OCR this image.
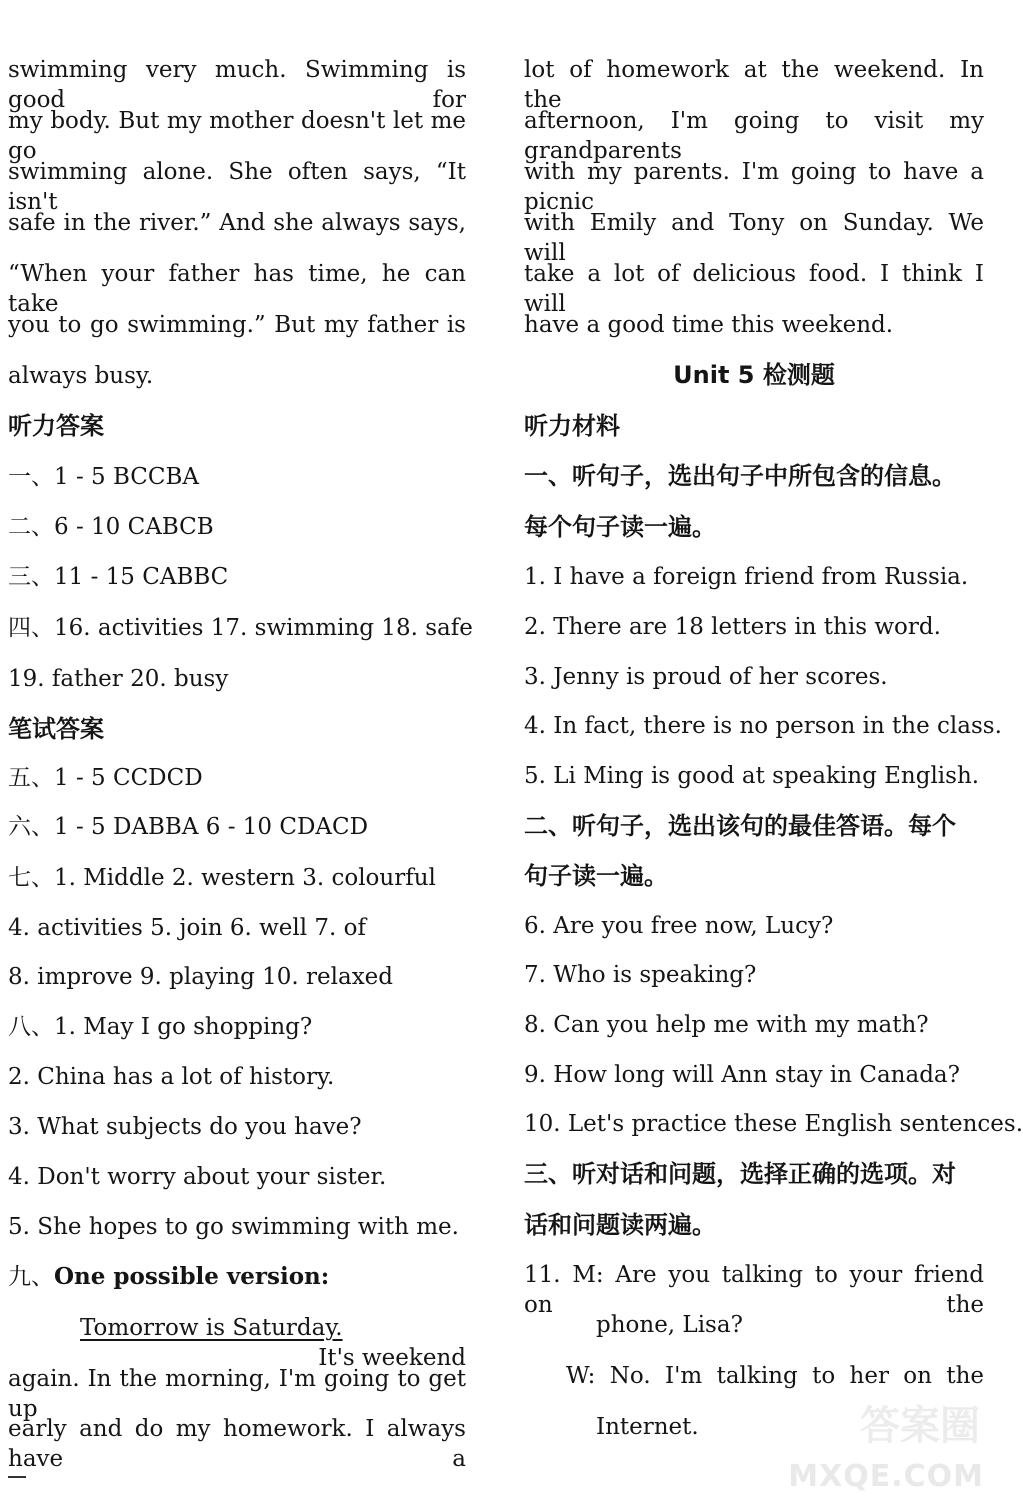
swimming very much. Swimming is good for
my body. But my mother doesn't let me go
swimming alone. She often says, “It isn't
safe in the river.” And she always says,
“When your father has time, he can take
you to go swimming.” But my father is
always busy.
听力答案
一、1 - 5 BCCBA
二、6 - 10 CABCB
三、11 - 15 CABBC
四、16. activities 17. swimming 18. safe
19. father 20. busy
笔试答案
五、1 - 5 CCDCD
六、1 - 5 DABBA 6 - 10 CDACD
七、1. Middle 2. western 3. colourful
4. activities 5. join 6. well 7. of
8. improve 9. playing 10. relaxed
八、1. May I go shopping?
2. China has a lot of history.
3. What subjects do you have?
4. Don't worry about your sister.
5. She hopes to go swimming with me.
九、One possible version:
Tomorrow is Saturday.
It's weekend
again. In the morning, I'm going to get up
early and do my homework. I always have a
lot of homework at the weekend. In the
afternoon, I'm going to visit my grandparents
with my parents. I'm going to have a picnic
with Emily and Tony on Sunday. We will
take a lot of delicious food. I think I will
have a good time this weekend.
Unit 5 检测题
听力材料
一、听句子，选出句子中所包含的信息。
每个句子读一遍。
1. I have a foreign friend from Russia.
2. There are 18 letters in this word.
3. Jenny is proud of her scores.
4. In fact, there is no person in the class.
5. Li Ming is good at speaking English.
二、听句子，选出该句的最佳答语。每个
句子读一遍。
6. Are you free now, Lucy?
7. Who is speaking?
8. Can you help me with my math?
9. How long will Ann stay in Canada?
10. Let's practice these English sentences.
三、听对话和问题，选择正确的选项。对
话和问题读两遍。
11. M: Are you talking to your friend on the
phone, Lisa?
W: No. I'm talking to her on the
Internet.	答案圈
MXQE.COM
